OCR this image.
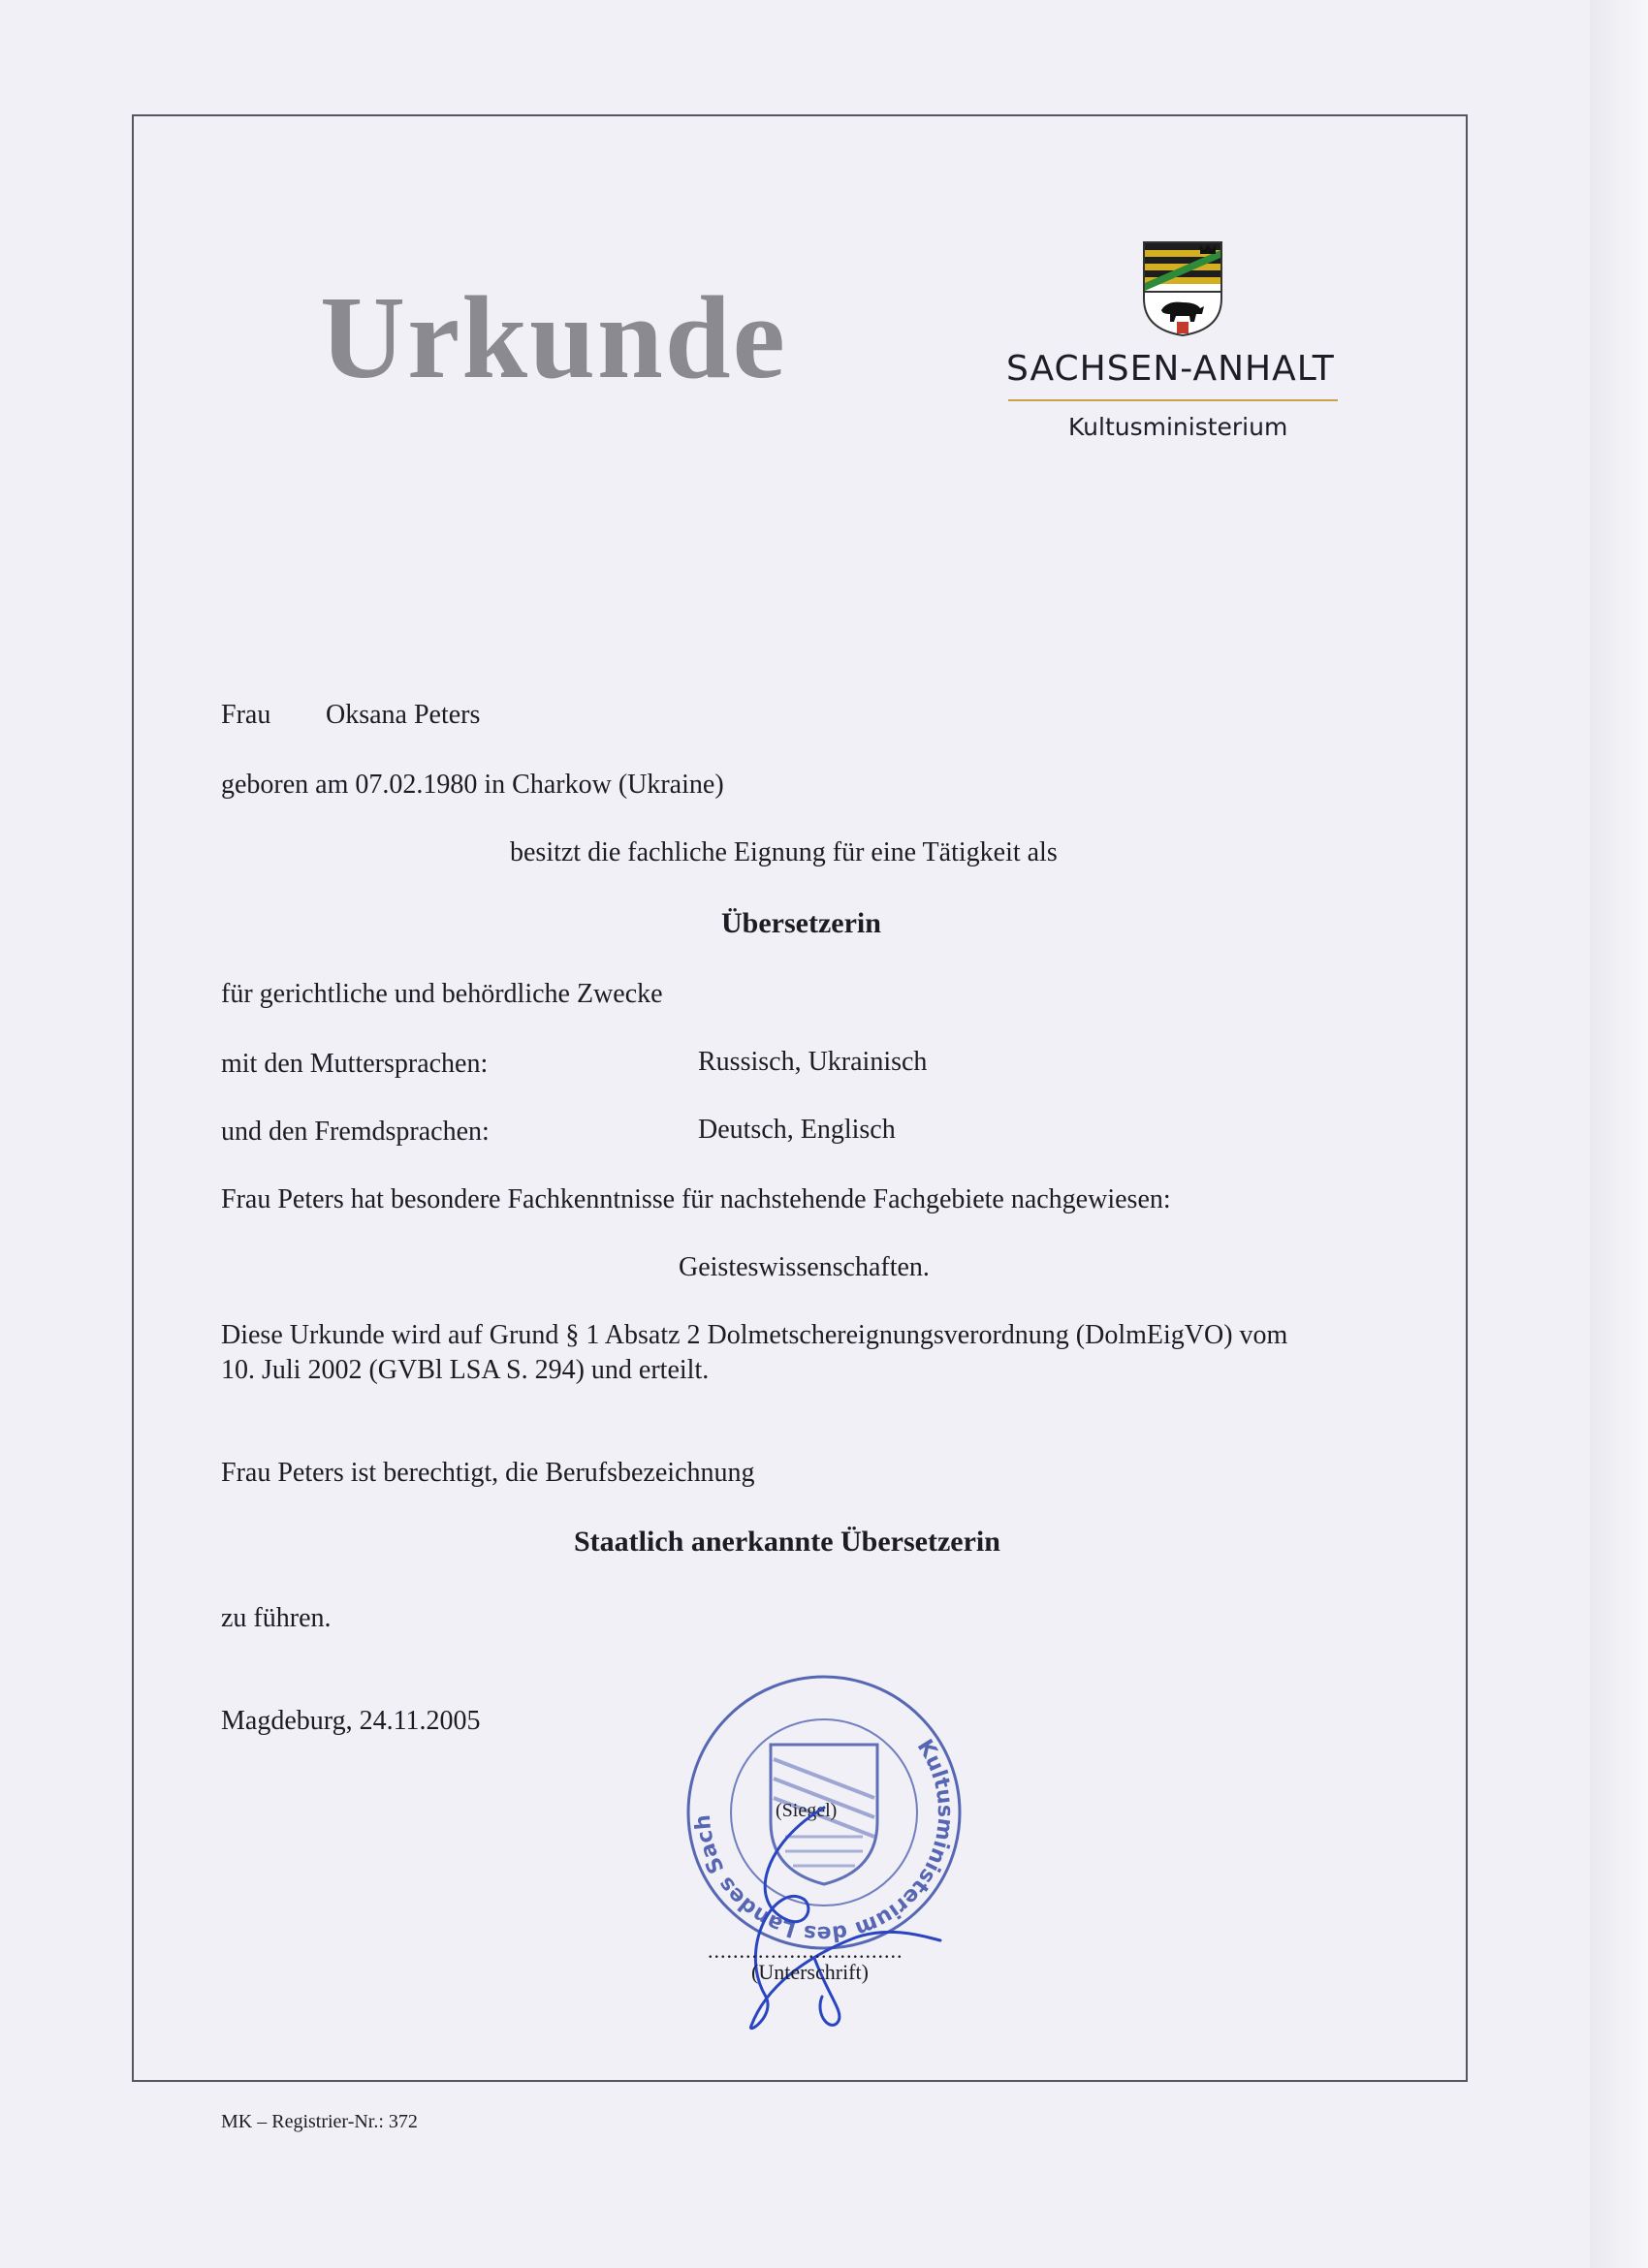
Urkunde	SACHSEN-ANHALT
Kultusministerium
Frau Oksana Peters
geboren am 07.02.1980 in Charkow (Ukraine)
besitzt die fachliche Eignung für eine Tätigkeit als
Übersetzerin
für gerichtliche und behördliche Zwecke
mit den Muttersprachen:	Russisch, Ukrainisch
und den Fremdsprachen:	Deutsch, Englisch
Frau Peters hat besondere Fachkenntnisse für nachstehende Fachgebiete nachgewiesen:
Geisteswissenschaften.
Diese Urkunde wird auf Grund § 1 Absatz 2 Dolmetschereignungsverordnung (DolmEigVO) vom
10. Juli 2002 (GVBl LSA S. 294) und erteilt.
Frau Peters ist berechtigt, die Berufsbezeichnung
Staatlich anerkannte Übersetzerin
zu führen.
Magdeburg, 24.11.2005
Kultusministerium des Landes Sach
(Siegel)
...............................
(Unterschrift)
MK – Registrier-Nr.: 372
